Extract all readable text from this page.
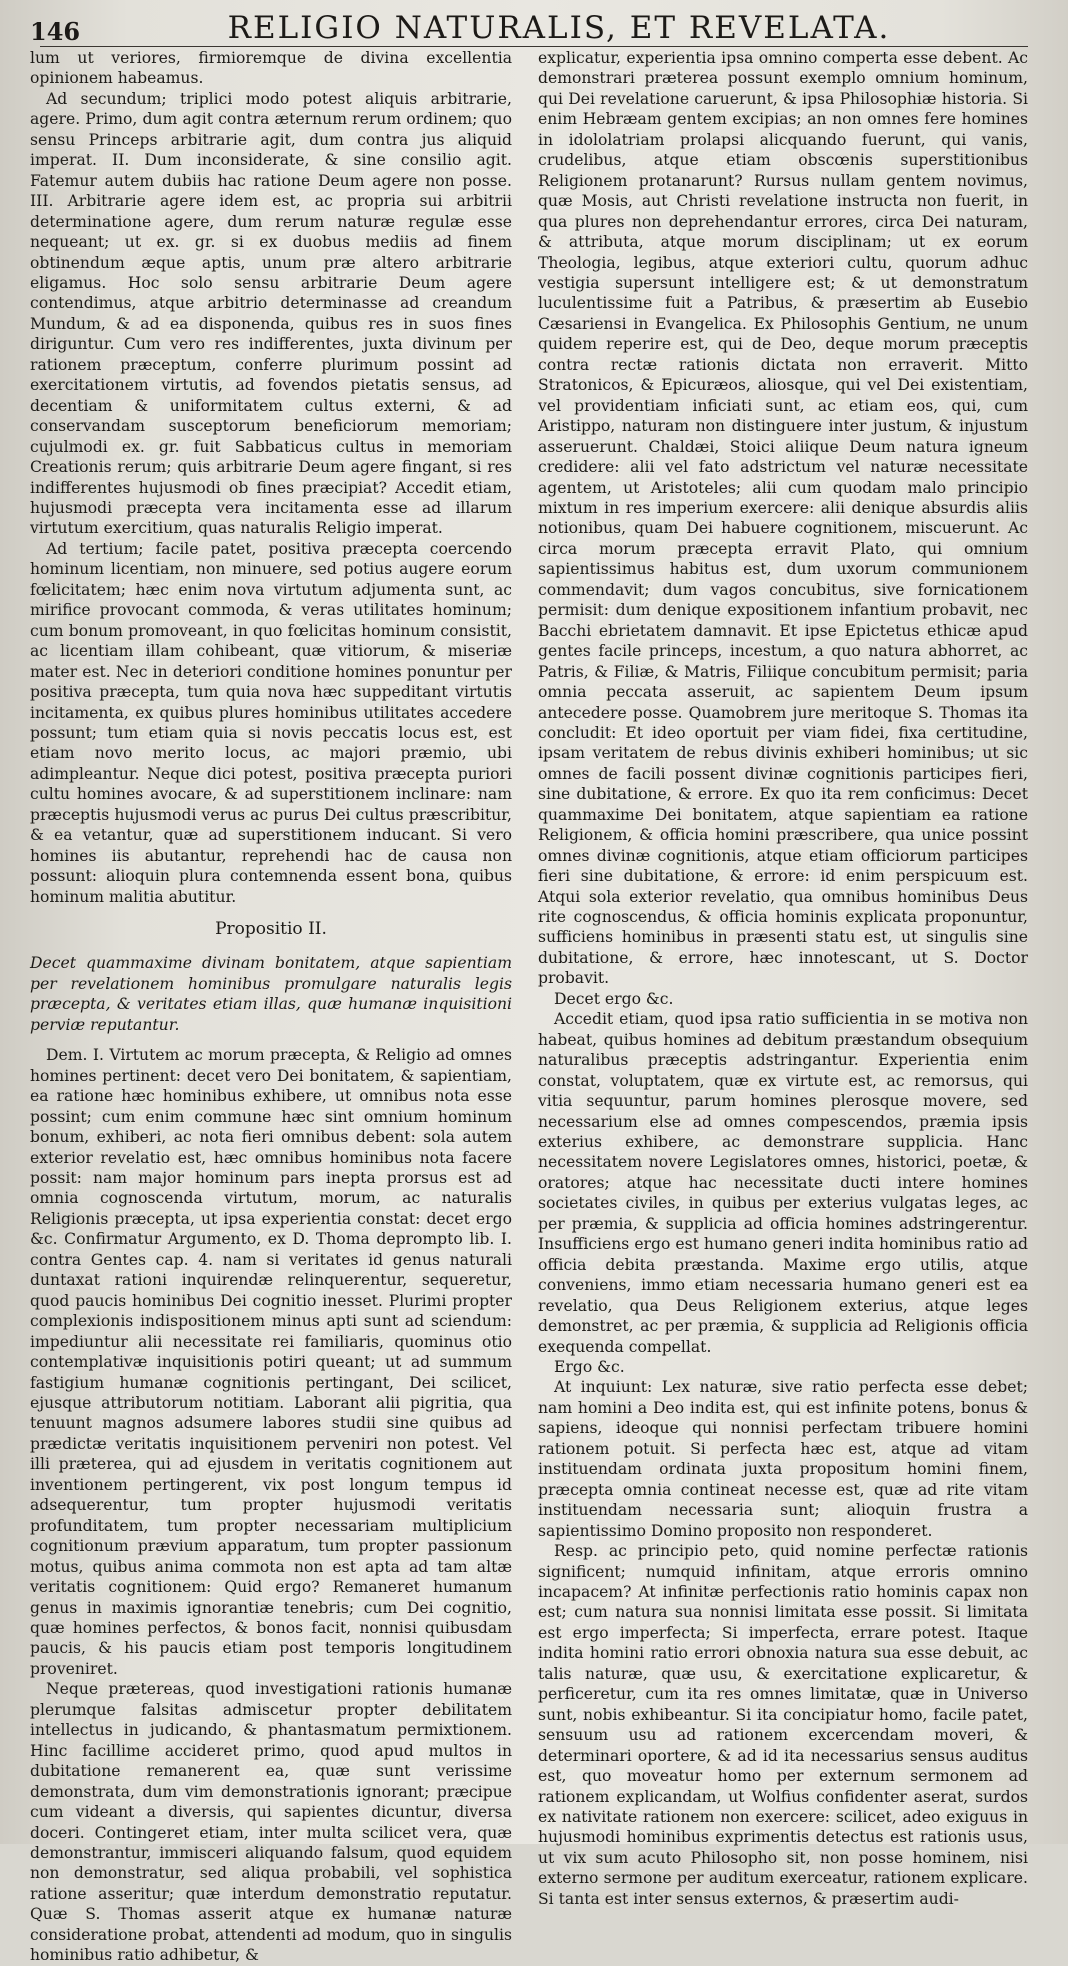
146	RELIGIO NATURALIS, ET REVELATA.

lum ut veriores, firmioremque de divina excellentia opinionem habeamus.

Ad secundum; triplici modo potest aliquis arbitrarie, agere. Primo, dum agit contra æternum rerum ordinem; quo sensu Princeps arbitrarie agit, dum contra jus aliquid imperat. II. Dum inconsiderate, & sine consilio agit. Fatemur autem dubiis hac ratione Deum agere non posse. III. Arbitrarie agere idem est, ac propria sui arbitrii determinatione agere, dum rerum naturæ regulæ esse nequeant; ut ex. gr. si ex duobus mediis ad finem obtinendum æque aptis, unum præ altero arbitrarie eligamus. Hoc solo sensu arbitrarie Deum agere contendimus, atque arbitrio determinasse ad creandum Mundum, & ad ea disponenda, quibus res in suos fines diriguntur. Cum vero res indifferentes, juxta divinum per rationem præceptum, conferre plurimum possint ad exercitationem virtutis, ad fovendos pietatis sensus, ad decentiam & uniformitatem cultus externi, & ad conservandam susceptorum beneficiorum memoriam; cujulmodi ex. gr. fuit Sabbaticus cultus in memoriam Creationis rerum; quis arbitrarie Deum agere fingant, si res indifferentes hujusmodi ob fines præcipiat? Accedit etiam, hujusmodi præcepta vera incitamenta esse ad illarum virtutum exercitium, quas naturalis Religio imperat.

Ad tertium; facile patet, positiva præcepta coercendo hominum licentiam, non minuere, sed potius augere eorum fœlicitatem; hæc enim nova virtutum adjumenta sunt, ac mirifice provocant commoda, & veras utilitates hominum; cum bonum promoveant, in quo fœlicitas hominum consistit, ac licentiam illam cohibeant, quæ vitiorum, & miseriæ mater est. Nec in deteriori conditione homines ponuntur per positiva præcepta, tum quia nova hæc suppeditant virtutis incitamenta, ex quibus plures hominibus utilitates accedere possunt; tum etiam quia si novis peccatis locus est, est etiam novo merito locus, ac majori præmio, ubi adimpleantur. Neque dici potest, positiva præcepta puriori cultu homines avocare, & ad superstitionem inclinare: nam præceptis hujusmodi verus ac purus Dei cultus præscribitur, & ea vetantur, quæ ad superstitionem inducant. Si vero homines iis abutantur, reprehendi hac de causa non possunt: alioquin plura contemnenda essent bona, quibus hominum malitia abutitur.

Propositio II.

Decet quammaxime divinam bonitatem, atque sapientiam per revelationem hominibus promulgare naturalis legis præcepta, & veritates etiam illas, quæ humanæ inquisitioni perviæ reputantur.

Dem. I. Virtutem ac morum præcepta, & Religio ad omnes homines pertinent: decet vero Dei bonitatem, & sapientiam, ea ratione hæc hominibus exhibere, ut omnibus nota esse possint; cum enim commune hæc sint omnium hominum bonum, exhiberi, ac nota fieri omnibus debent: sola autem exterior revelatio est, hæc omnibus hominibus nota facere possit: nam major hominum pars inepta prorsus est ad omnia cognoscenda virtutum, morum, ac naturalis Religionis præcepta, ut ipsa experientia constat: decet ergo &c. Confirmatur Argumento, ex D. Thoma deprompto lib. I. contra Gentes cap. 4. nam si veritates id genus naturali duntaxat rationi inquirendæ relinquerentur, sequeretur, quod paucis hominibus Dei cognitio inesset. Plurimi propter complexionis indispositionem minus apti sunt ad sciendum: impediuntur alii necessitate rei familiaris, quominus otio contemplativæ inquisitionis potiri queant; ut ad summum fastigium humanæ cognitionis pertingant, Dei scilicet, ejusque attributorum notitiam. Laborant alii pigritia, qua tenuunt magnos adsumere labores studii sine quibus ad prædictæ veritatis inquisitionem perveniri non potest. Vel illi præterea, qui ad ejusdem in veritatis cognitionem aut inventionem pertingerent, vix post longum tempus id adsequerentur, tum propter hujusmodi veritatis profunditatem, tum propter necessariam multiplicium cognitionum prævium apparatum, tum propter passionum motus, quibus anima commota non est apta ad tam altæ veritatis cognitionem: Quid ergo? Remaneret humanum genus in maximis ignorantiæ tenebris; cum Dei cognitio, quæ homines perfectos, & bonos facit, nonnisi quibusdam paucis, & his paucis etiam post temporis longitudinem proveniret.

Neque prætereas, quod investigationi rationis humanæ plerumque falsitas admiscetur propter debilitatem intellectus in judicando, & phantasmatum permixtionem. Hinc facillime accideret primo, quod apud multos in dubitatione remanerent ea, quæ sunt verissime demonstrata, dum vim demonstrationis ignorant; præcipue cum videant a diversis, qui sapientes dicuntur, diversa doceri. Contingeret etiam, inter multa scilicet vera, quæ demonstrantur, immisceri aliquando falsum, quod equidem non demonstratur, sed aliqua probabili, vel sophistica ratione asseritur; quæ interdum demonstratio reputatur. Quæ S. Thomas asserit atque ex humanæ naturæ consideratione probat, attendenti ad modum, quo in singulis hominibus ratio adhibetur, &

explicatur, experientia ipsa omnino comperta esse debent. Ac demonstrari præterea possunt exemplo omnium hominum, qui Dei revelatione caruerunt, & ipsa Philosophiæ historia. Si enim Hebræam gentem excipias; an non omnes fere homines in idololatriam prolapsi alicquando fuerunt, qui vanis, crudelibus, atque etiam obscœnis superstitionibus Religionem protanarunt? Rursus nullam gentem novimus, quæ Mosis, aut Christi revelatione instructa non fuerit, in qua plures non deprehendantur errores, circa Dei naturam, & attributa, atque morum disciplinam; ut ex eorum Theologia, legibus, atque exteriori cultu, quorum adhuc vestigia supersunt intelligere est; & ut demonstratum luculentissime fuit a Patribus, & præsertim ab Eusebio Cæsariensi in Evangelica. Ex Philosophis Gentium, ne unum quidem reperire est, qui de Deo, deque morum præceptis contra rectæ rationis dictata non erraverit. Mitto Stratonicos, & Epicuræos, aliosque, qui vel Dei existentiam, vel providentiam inficiati sunt, ac etiam eos, qui, cum Aristippo, naturam non distinguere inter justum, & injustum asseruerunt. Chaldæi, Stoici aliique Deum natura igneum credidere: alii vel fato adstrictum vel naturæ necessitate agentem, ut Aristoteles; alii cum quodam malo principio mixtum in res imperium exercere: alii denique absurdis aliis notionibus, quam Dei habuere cognitionem, miscuerunt. Ac circa morum præcepta erravit Plato, qui omnium sapientissimus habitus est, dum uxorum communionem commendavit; dum vagos concubitus, sive fornicationem permisit: dum denique expositionem infantium probavit, nec Bacchi ebrietatem damnavit. Et ipse Epictetus ethicæ apud gentes facile princeps, incestum, a quo natura abhorret, ac Patris, & Filiæ, & Matris, Filiique concubitum permisit; paria omnia peccata asseruit, ac sapientem Deum ipsum antecedere posse. Quamobrem jure meritoque S. Thomas ita concludit: Et ideo oportuit per viam fidei, fixa certitudine, ipsam veritatem de rebus divinis exhiberi hominibus; ut sic omnes de facili possent divinæ cognitionis participes fieri, sine dubitatione, & errore. Ex quo ita rem conficimus: Decet quammaxime Dei bonitatem, atque sapientiam ea ratione Religionem, & officia homini præscribere, qua unice possint omnes divinæ cognitionis, atque etiam officiorum participes fieri sine dubitatione, & errore: id enim perspicuum est. Atqui sola exterior revelatio, qua omnibus hominibus Deus rite cognoscendus, & officia hominis explicata proponuntur, sufficiens hominibus in præsenti statu est, ut singulis sine dubitatione, & errore, hæc innotescant, ut S. Doctor probavit.

Decet ergo &c.

Accedit etiam, quod ipsa ratio sufficientia in se motiva non habeat, quibus homines ad debitum præstandum obsequium naturalibus præceptis adstringantur. Experientia enim constat, voluptatem, quæ ex virtute est, ac remorsus, qui vitia sequuntur, parum homines plerosque movere, sed necessarium else ad omnes compescendos, præmia ipsis exterius exhibere, ac demonstrare supplicia. Hanc necessitatem novere Legislatores omnes, historici, poetæ, & oratores; atque hac necessitate ducti intere homines societates civiles, in quibus per exterius vulgatas leges, ac per præmia, & supplicia ad officia homines adstringerentur. Insufficiens ergo est humano generi indita hominibus ratio ad officia debita præstanda. Maxime ergo utilis, atque conveniens, immo etiam necessaria humano generi est ea revelatio, qua Deus Religionem exterius, atque leges demonstret, ac per præmia, & supplicia ad Religionis officia exequenda compellat.

Ergo &c.

At inquiunt: Lex naturæ, sive ratio perfecta esse debet; nam homini a Deo indita est, qui est infinite potens, bonus & sapiens, ideoque qui nonnisi perfectam tribuere homini rationem potuit. Si perfecta hæc est, atque ad vitam instituendam ordinata juxta propositum homini finem, præcepta omnia contineat necesse est, quæ ad rite vitam instituendam necessaria sunt; alioquin frustra a sapientissimo Domino proposito non responderet.

Resp. ac principio peto, quid nomine perfectæ rationis significent; numquid infinitam, atque erroris omnino incapacem? At infinitæ perfectionis ratio hominis capax non est; cum natura sua nonnisi limitata esse possit. Si limitata est ergo imperfecta; Si imperfecta, errare potest. Itaque indita homini ratio errori obnoxia natura sua esse debuit, ac talis naturæ, quæ usu, & exercitatione explicaretur, & perficeretur, cum ita res omnes limitatæ, quæ in Universo sunt, nobis exhibeantur. Si ita concipiatur homo, facile patet, sensuum usu ad rationem excercendam moveri, & determinari oportere, & ad id ita necessarius sensus auditus est, quo moveatur homo per externum sermonem ad rationem explicandam, ut Wolfius confidenter aserat, surdos ex nativitate rationem non exercere: scilicet, adeo exiguus in hujusmodi hominibus exprimentis detectus est rationis usus, ut vix sum acuto Philosopho sit, non posse hominem, nisi externo sermone per auditum exerceatur, rationem explicare. Si tanta est inter sensus externos, & præsertim audi-
